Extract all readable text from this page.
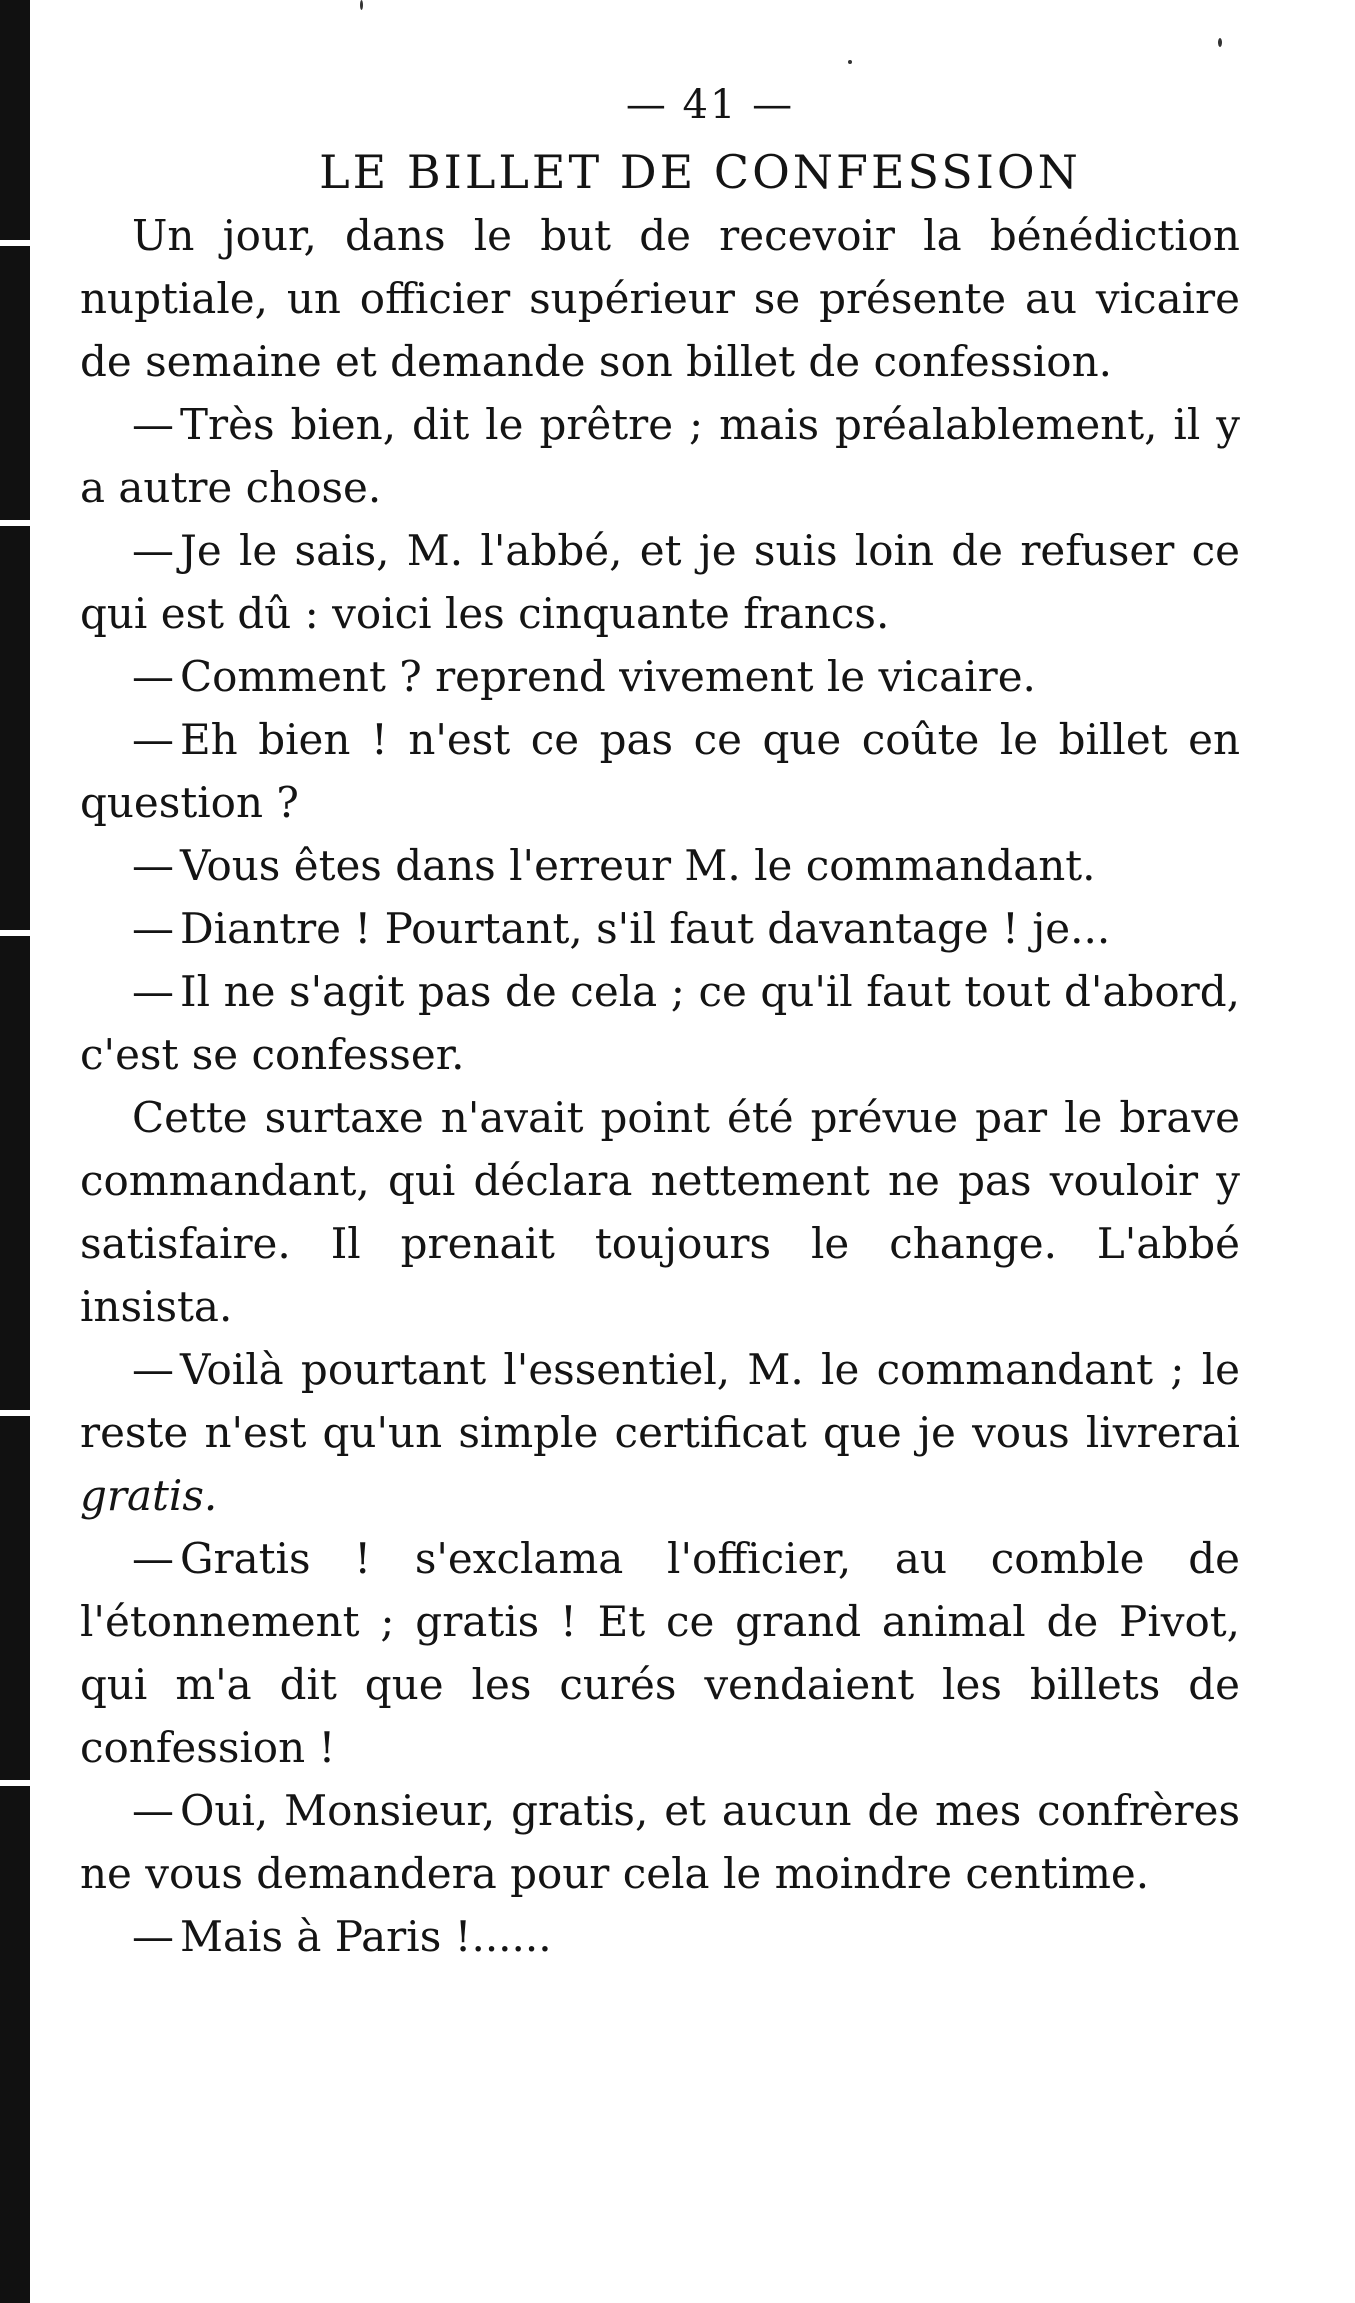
— 41 —
LE BILLET DE CONFESSION

Un jour, dans le but de recevoir la bénédiction nuptiale, un officier supérieur se présente au vicaire de semaine et demande son billet de confession.

— Très bien, dit le prêtre ; mais préalablement, il y a autre chose.

— Je le sais, M. l'abbé, et je suis loin de refuser ce qui est dû : voici les cinquante francs.

— Comment ? reprend vivement le vicaire.

— Eh bien ! n'est ce pas ce que coûte le billet en question ?

— Vous êtes dans l'erreur M. le commandant.

— Diantre ! Pourtant, s'il faut davantage ! je...

— Il ne s'agit pas de cela ; ce qu'il faut tout d'abord, c'est se confesser.

Cette surtaxe n'avait point été prévue par le brave commandant, qui déclara nettement ne pas vouloir y satisfaire. Il prenait toujours le change. L'abbé insista.

— Voilà pourtant l'essentiel, M. le commandant ; le reste n'est qu'un simple certificat que je vous livrerai gratis.

— Gratis ! s'exclama l'officier, au comble de l'étonnement ; gratis ! Et ce grand animal de Pivot, qui m'a dit que les curés vendaient les billets de confession !

— Oui, Monsieur, gratis, et aucun de mes confrères ne vous demandera pour cela le moindre centime.

— Mais à Paris !......
